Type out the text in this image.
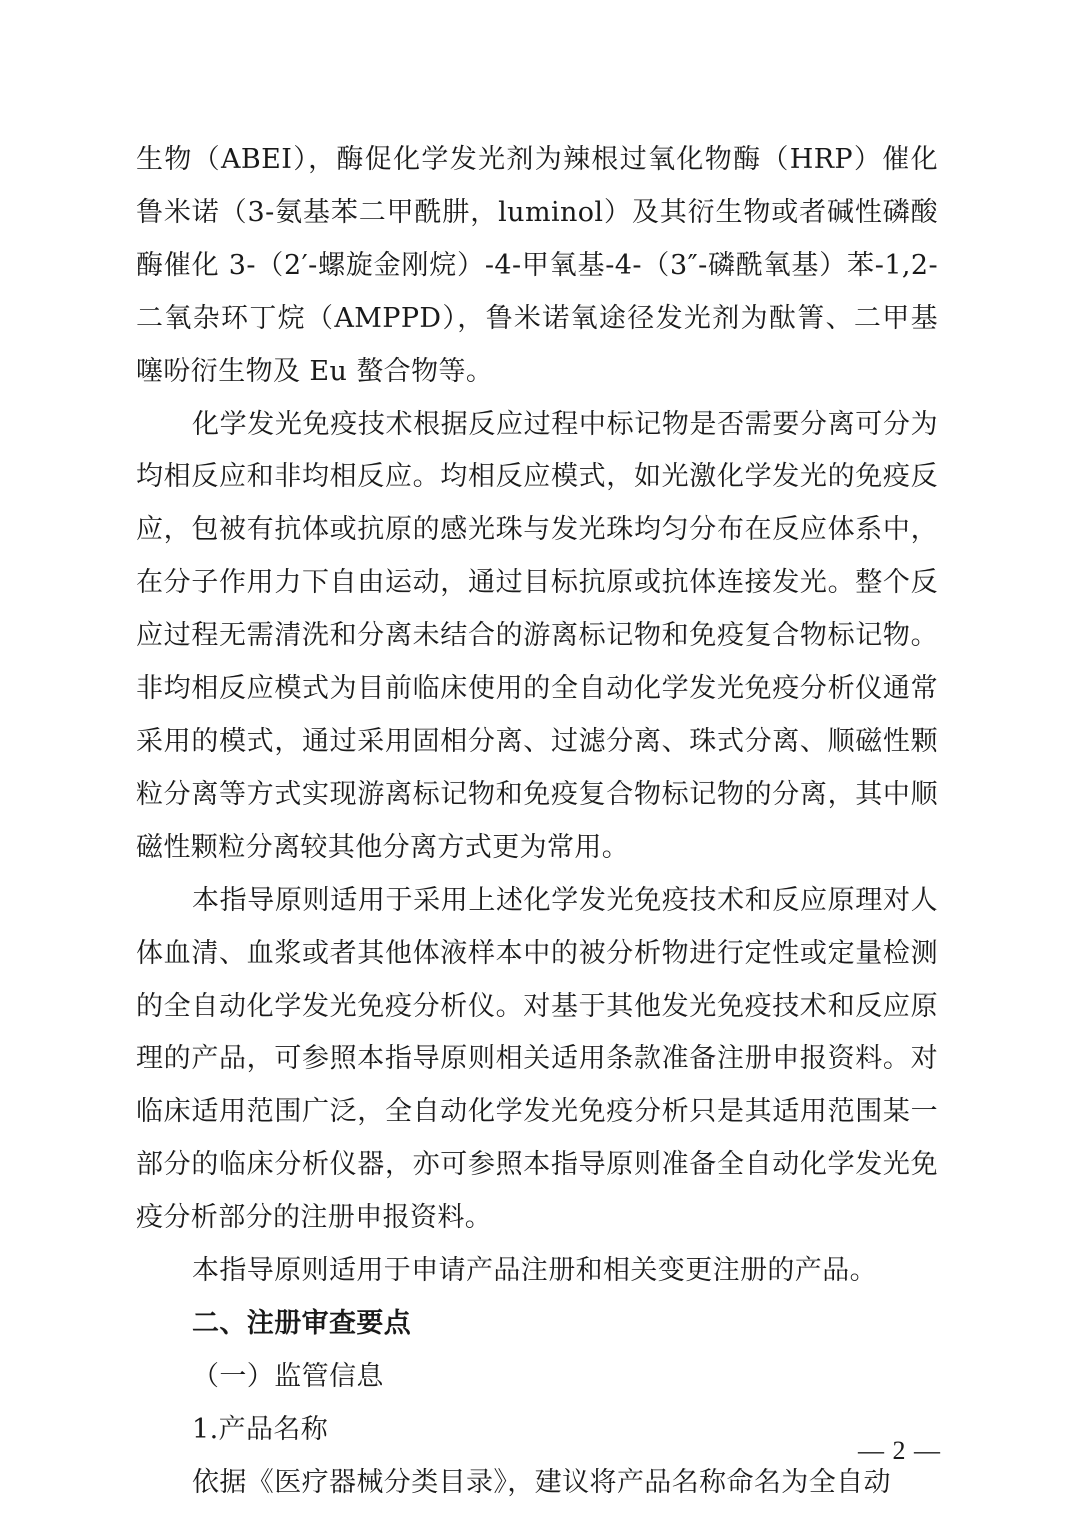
生物（ABEI），酶促化学发光剂为辣根过氧化物酶（HRP）催化鲁米诺（3-氨基苯二甲酰肼，luminol）及其衍生物或者碱性磷酸酶催化 3-（2′-螺旋金刚烷）-4-甲氧基-4-（3″-磷酰氧基）苯-1,2-二氧杂环丁烷（AMPPD），鲁米诺氧途径发光剂为酞箐、二甲基噻吩衍生物及 Eu 螯合物等。

化学发光免疫技术根据反应过程中标记物是否需要分离可分为均相反应和非均相反应。均相反应模式，如光激化学发光的免疫反应，包被有抗体或抗原的感光珠与发光珠均匀分布在反应体系中，在分子作用力下自由运动，通过目标抗原或抗体连接发光。整个反应过程无需清洗和分离未结合的游离标记物和免疫复合物标记物。非均相反应模式为目前临床使用的全自动化学发光免疫分析仪通常采用的模式，通过采用固相分离、过滤分离、珠式分离、顺磁性颗粒分离等方式实现游离标记物和免疫复合物标记物的分离，其中顺磁性颗粒分离较其他分离方式更为常用。

本指导原则适用于采用上述化学发光免疫技术和反应原理对人体血清、血浆或者其他体液样本中的被分析物进行定性或定量检测的全自动化学发光免疫分析仪。对基于其他发光免疫技术和反应原理的产品，可参照本指导原则相关适用条款准备注册申报资料。对临床适用范围广泛，全自动化学发光免疫分析只是其适用范围某一部分的临床分析仪器，亦可参照本指导原则准备全自动化学发光免疫分析部分的注册申报资料。

本指导原则适用于申请产品注册和相关变更注册的产品。

二、注册审查要点

（一）监管信息

1.产品名称

依据《医疗器械分类目录》，建议将产品名称命名为全自动

— 2 —
